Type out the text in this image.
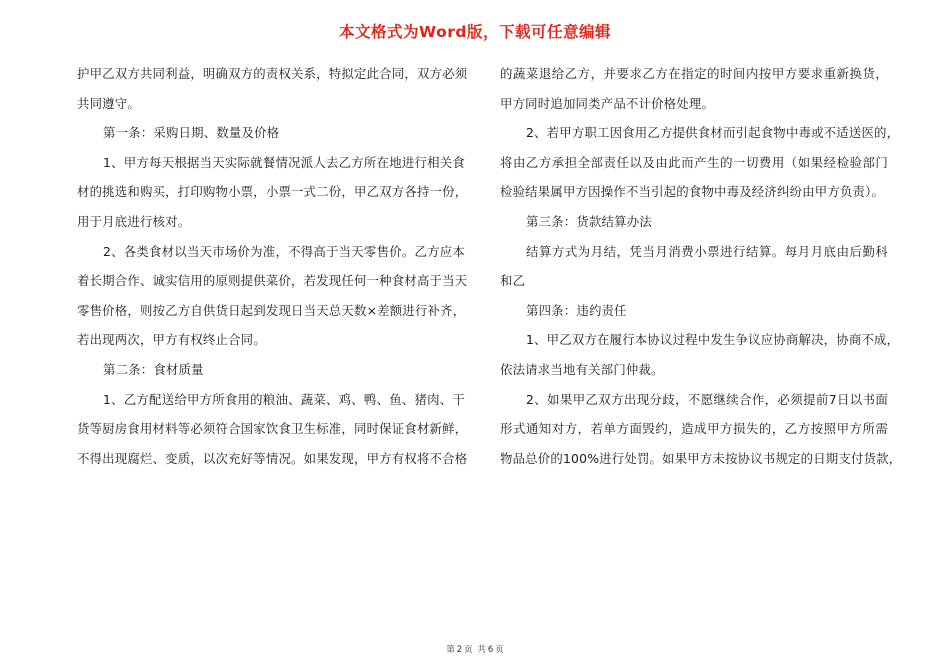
本文格式为Word版，下载可任意编辑
护甲乙双方共同利益，明确双方的责权关系，特拟定此合同，双方必须
共同遵守。
第一条：采购日期、数量及价格
1、甲方每天根据当天实际就餐情况派人去乙方所在地进行相关食
材的挑选和购买，打印购物小票，小票一式二份，甲乙双方各持一份，
用于月底进行核对。
2、各类食材以当天市场价为准，不得高于当天零售价。乙方应本
着长期合作、诚实信用的原则提供菜价，若发现任何一种食材高于当天
零售价格，则按乙方自供货日起到发现日当天总天数×差额进行补齐，
若出现两次，甲方有权终止合同。
第二条：食材质量
1、乙方配送给甲方所食用的粮油、蔬菜、鸡、鸭、鱼、猪肉、干
货等厨房食用材料等必须符合国家饮食卫生标准，同时保证食材新鲜，
不得出现腐烂、变质，以次充好等情况。如果发现，甲方有权将不合格
的蔬菜退给乙方，并要求乙方在指定的时间内按甲方要求重新换货，
甲方同时追加同类产品不计价格处理。
2、若甲方职工因食用乙方提供食材而引起食物中毒或不适送医的，
将由乙方承担全部责任以及由此而产生的一切费用（如果经检验部门
检验结果属甲方因操作不当引起的食物中毒及经济纠纷由甲方负责）。
第三条：货款结算办法
结算方式为月结，凭当月消费小票进行结算。每月月底由后勤科
和乙
第四条：违约责任
1、甲乙双方在履行本协议过程中发生争议应协商解决，协商不成，
依法请求当地有关部门仲裁。
2、如果甲乙双方出现分歧，不愿继续合作，必须提前7日以书面
形式通知对方，若单方面毁约，造成甲方损失的，乙方按照甲方所需
物品总价的100%进行处罚。如果甲方未按协议书规定的日期支付货款，
第 2 页 共 6 页
